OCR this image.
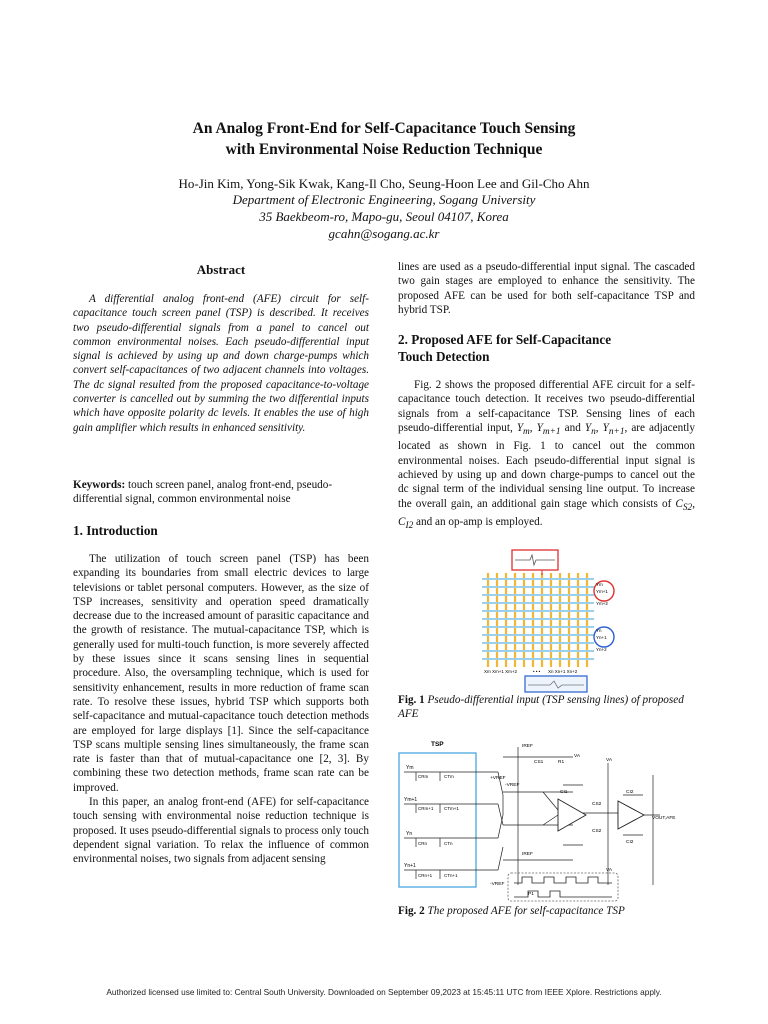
An Analog Front-End for Self-Capacitance Touch Sensing
with Environmental Noise Reduction Technique
Ho-Jin Kim, Yong-Sik Kwak, Kang-Il Cho, Seung-Hoon Lee and Gil-Cho Ahn
Department of Electronic Engineering, Sogang University
35 Baekbeom-ro, Mapo-gu, Seoul 04107, Korea
gcahn@sogang.ac.kr
Abstract

A differential analog front-end (AFE) circuit for self-capacitance touch screen panel (TSP) is described. It receives two pseudo-differential signals from a panel to cancel out common environmental noises. Each pseudo-differential input signal is achieved by using up and down charge-pumps which convert self-capacitances of two adjacent channels into voltages. The dc signal resulted from the proposed capacitance-to-voltage converter is cancelled out by summing the two differential inputs which have opposite polarity dc levels. It enables the use of high gain amplifier which results in enhanced sensitivity.

Keywords: touch screen panel, analog front-end, pseudo-differential signal, common environmental noise
1. Introduction

The utilization of touch screen panel (TSP) has been expanding its boundaries from small electric devices to large televisions or tablet personal computers. However, as the size of TSP increases, sensitivity and operation speed dramatically decrease due to the increased amount of parasitic capacitance and the growth of resistance. The mutual-capacitance TSP, which is generally used for multi-touch function, is more severely affected by these issues since it scans sensing lines in sequential procedure. Also, the oversampling technique, which is used for sensitivity enhancement, results in more reduction of frame scan rate. To resolve these issues, hybrid TSP which supports both self-capacitance and mutual-capacitance touch detection methods are employed for large displays [1]. Since the self-capacitance TSP scans multiple sensing lines simultaneously, the frame scan rate is faster than that of mutual-capacitance one [2, 3]. By combining these two detection methods, frame scan rate can be improved.

In this paper, an analog front-end (AFE) for self-capacitance touch sensing with environmental noise reduction technique is proposed. It uses pseudo-differential signals to process only touch dependent signal variation. To relax the influence of common environmental noises, two signals from adjacent sensing

lines are used as a pseudo-differential input signal. The cascaded two gain stages are employed to enhance the sensitivity. The proposed AFE can be used for both self-capacitance TSP and hybrid TSP.
2. Proposed AFE for Self-Capacitance
Touch Detection

Fig. 2 shows the proposed differential AFE circuit for a self-capacitance touch detection. It receives two pseudo-differential signals from a self-capacitance TSP. Sensing lines of each pseudo-differential input, $Y_m$, $Y_{m+1}$ and $Y_n$, $Y_{n+1}$, are adjacently located as shown in Fig. 1 to cancel out the common environmental noises. Each pseudo-differential input signal is achieved by using up and down charge-pumps to cancel out the dc signal term of the individual sensing line output. To increase the overall gain, an additional gain stage which consists of $C_{S2}$, $C_{I2}$ and an op-amp is employed.

Ym
Ym+1
Ym+2
Yn
Yn+1
Yn+2
Xm Xm+1 Xm+2	• • • Xn Xn+1 Xn+2
Fig. 1 Pseudo-differential input (TSP sensing lines) of proposed AFE
TSP
Ym
Ym+1
Yn
Yn+1
CRm	CTm
CRm+1 CTm+1
CRn	CTn
CRn+1	CTn+1
IREF
+VREF
-VREF
CS1
VA
R1
CI1
CS2
CS2
CI2
CI2
VA
VA
VOUT,AFE
P1
-VREF
IREF
Fig. 2 The proposed AFE for self-capacitance TSP
Authorized licensed use limited to: Central South University. Downloaded on September 09,2023 at 15:45:11 UTC from IEEE Xplore. Restrictions apply.
